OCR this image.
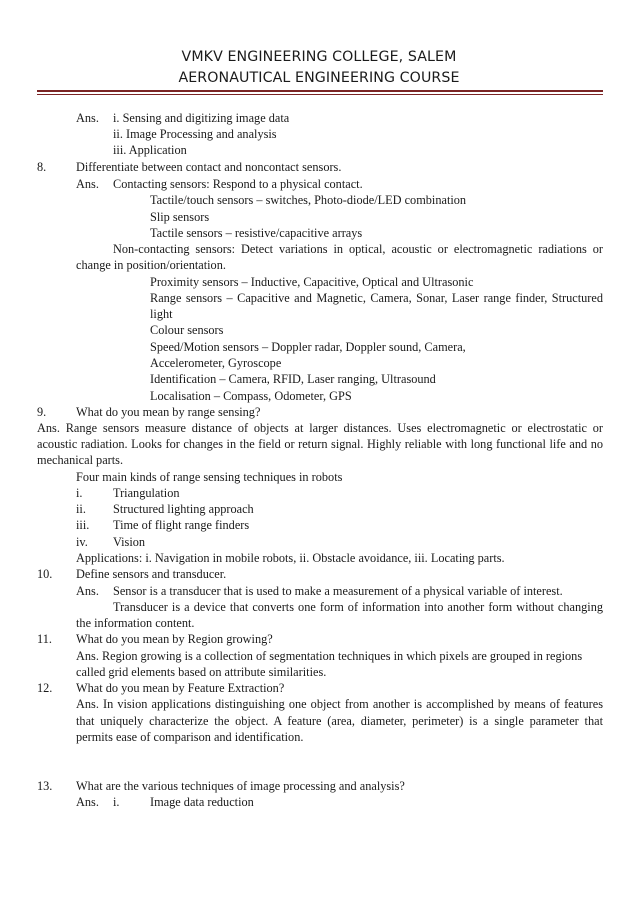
VMKV ENGINEERING COLLEGE, SALEM
AERONAUTICAL ENGINEERING COURSE
Ans. i. Sensing and digitizing image data
ii. Image Processing and analysis
iii. Application
8. Differentiate between contact and noncontact sensors.
Ans. Contacting sensors: Respond to a physical contact.
Tactile/touch sensors – switches, Photo-diode/LED combination
Slip sensors
Tactile sensors – resistive/capacitive arrays
Non-contacting sensors: Detect variations in optical, acoustic or electromagnetic radiations or
change in position/orientation.
Proximity sensors – Inductive, Capacitive, Optical and Ultrasonic
Range sensors – Capacitive and Magnetic, Camera, Sonar, Laser range finder, Structured
light
Colour sensors
Speed/Motion sensors – Doppler radar, Doppler sound, Camera,
Accelerometer, Gyroscope
Identification – Camera, RFID, Laser ranging, Ultrasound
Localisation – Compass, Odometer, GPS
9. What do you mean by range sensing?
Ans. Range sensors measure distance of objects at larger distances. Uses electromagnetic or electrostatic or
acoustic radiation. Looks for changes in the field or return signal. Highly reliable with long functional life and no
mechanical parts.
Four main kinds of range sensing techniques in robots
i. Triangulation
ii. Structured lighting approach
iii. Time of flight range finders
iv. Vision
Applications: i. Navigation in mobile robots, ii. Obstacle avoidance, iii. Locating parts.
10. Define sensors and transducer.
Ans. Sensor is a transducer that is used to make a measurement of a physical variable of interest.
Transducer is a device that converts one form of information into another form without changing
the information content.
11. What do you mean by Region growing?
Ans. Region growing is a collection of segmentation techniques in which pixels are grouped in regions
called grid elements based on attribute similarities.
12. What do you mean by Feature Extraction?
Ans. In vision applications distinguishing one object from another is accomplished by means of features
that uniquely characterize the object. A feature (area, diameter, perimeter) is a single parameter that
permits ease of comparison and identification.
13. What are the various techniques of image processing and analysis?
Ans. i. Image data reduction
